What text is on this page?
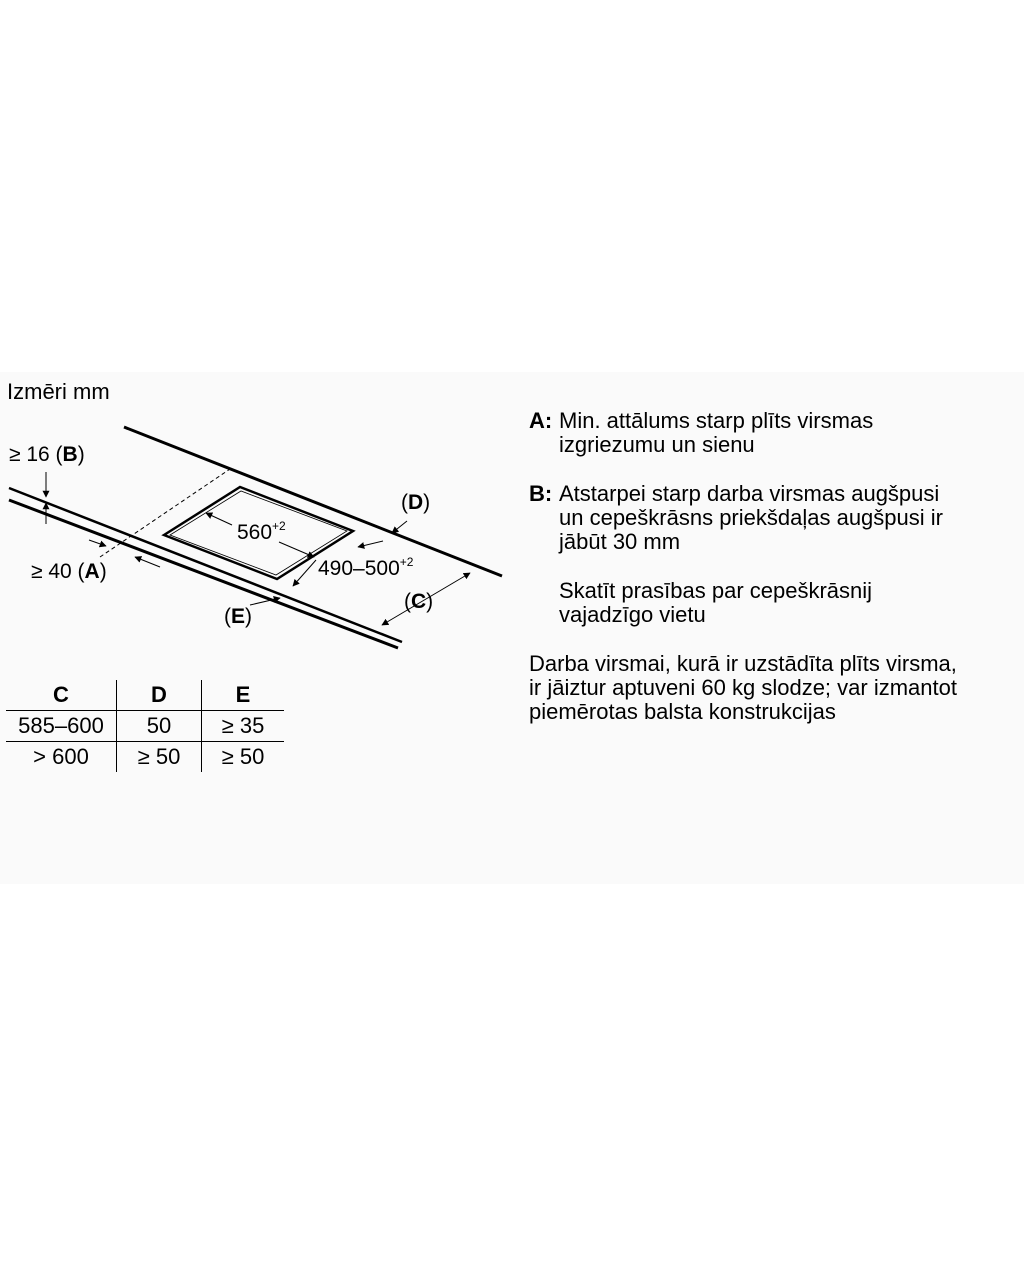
Izmēri mm
≥ 16 (B)
≥ 40 (A)
(D)
(C)
(E)
$560^{+2}$
$490-500^{+2}$
C	D	E
585–600	50	≥ 35
> 600	≥ 50	≥ 50
A: Min. attālums starp plīts virsmas
izgriezumu un sienu
B: Atstarpei starp darba virsmas augšpusi
un cepeškrāsns priekšdaļas augšpusi ir
jābūt 30 mm
Skatīt prasības par cepeškrāsnij
vajadzīgo vietu
Darba virsmai, kurā ir uzstādīta plīts virsma,
ir jāiztur aptuveni 60 kg slodze; var izmantot
piemērotas balsta konstrukcijas
